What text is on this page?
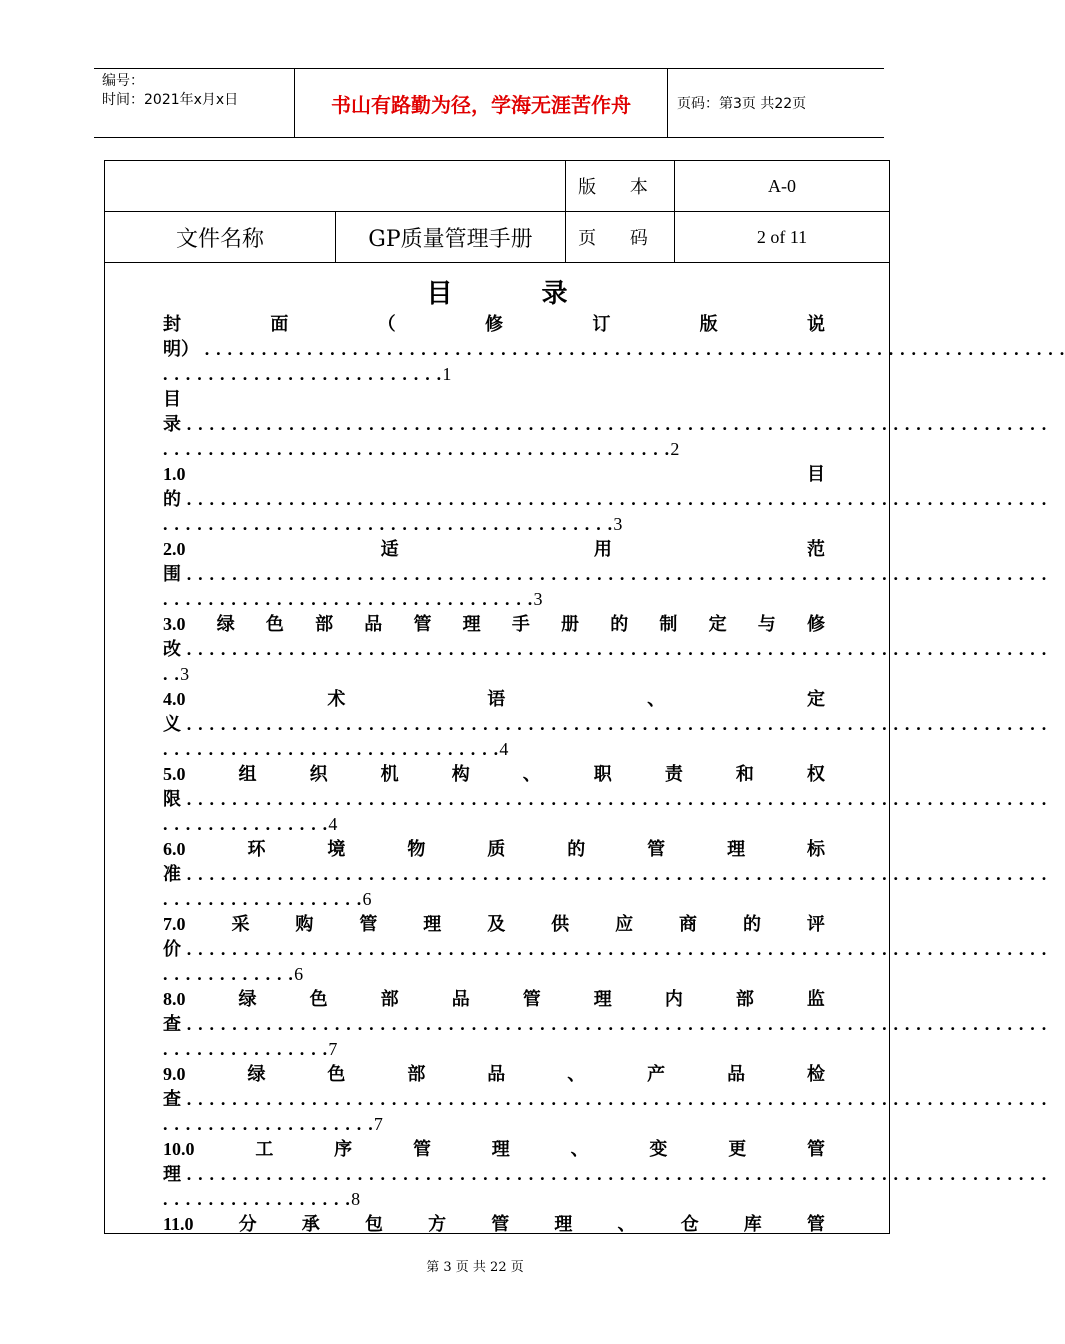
编号：
时间：2021年x月x日	书山有路勤为径，学海无涯苦作舟	页码：第3页 共22页
版 本	A-0
文件名称	GP质量管理手册	页 码	2 of 11
目 录
封	面	（	修	订	版	说
明） . . . . . . . . . . . . . . . . . . . . . . . . . . . . . . . . . . . . . . . . . . . . . . . . . . . . . . . . . . . . . . . . . . . . . . . . . . . .
. . . . . . . . . . . . . . . . . . . . . . . . .1
目
录 . . . . . . . . . . . . . . . . . . . . . . . . . . . . . . . . . . . . . . . . . . . . . . . . . . . . . . . . . . . . . . . . . . . . . . . . . . . .
. . . . . . . . . . . . . . . . . . . . . . . . . . . . . . . . . . . . . . . . . . . . .2
1.0	目
的 . . . . . . . . . . . . . . . . . . . . . . . . . . . . . . . . . . . . . . . . . . . . . . . . . . . . . . . . . . . . . . . . . . . . . . . . . . . .
. . . . . . . . . . . . . . . . . . . . . . . . . . . . . . . . . . . . . . . .3
2.0	适	用	范
围 . . . . . . . . . . . . . . . . . . . . . . . . . . . . . . . . . . . . . . . . . . . . . . . . . . . . . . . . . . . . . . . . . . . . . . . . . . . .
. . . . . . . . . . . . . . . . . . . . . . . . . . . . . . . . .3
3.0 绿 色 部 品 管 理 手 册 的 制 定 与 修
改 . . . . . . . . . . . . . . . . . . . . . . . . . . . . . . . . . . . . . . . . . . . . . . . . . . . . . . . . . . . . . . . . . . . . . . . . . . . .
. .3
4.0	术	语	、	定
义 . . . . . . . . . . . . . . . . . . . . . . . . . . . . . . . . . . . . . . . . . . . . . . . . . . . . . . . . . . . . . . . . . . . . . . . . . . . .
. . . . . . . . . . . . . . . . . . . . . . . . . . . . . .4
5.0	组	织	机	构	、	职	责	和	权
限 . . . . . . . . . . . . . . . . . . . . . . . . . . . . . . . . . . . . . . . . . . . . . . . . . . . . . . . . . . . . . . . . . . . . . . . . . . . .
. . . . . . . . . . . . . . .4
6.0	环	境	物	质	的	管	理	标
准 . . . . . . . . . . . . . . . . . . . . . . . . . . . . . . . . . . . . . . . . . . . . . . . . . . . . . . . . . . . . . . . . . . . . . . . . . . . .
. . . . . . . . . . . . . . . . . .6
7.0	采	购	管	理	及	供	应	商	的	评
价 . . . . . . . . . . . . . . . . . . . . . . . . . . . . . . . . . . . . . . . . . . . . . . . . . . . . . . . . . . . . . . . . . . . . . . . . . . . .
. . . . . . . . . . . .6
8.0	绿	色	部	品	管	理	内	部	监
查 . . . . . . . . . . . . . . . . . . . . . . . . . . . . . . . . . . . . . . . . . . . . . . . . . . . . . . . . . . . . . . . . . . . . . . . . . . . .
. . . . . . . . . . . . . . .7
9.0	绿	色	部	品	、	产	品	检
查 . . . . . . . . . . . . . . . . . . . . . . . . . . . . . . . . . . . . . . . . . . . . . . . . . . . . . . . . . . . . . . . . . . . . . . . . . . . .
. . . . . . . . . . . . . . . . . . .7
10.0	工	序	管	理	、	变	更	管
理 . . . . . . . . . . . . . . . . . . . . . . . . . . . . . . . . . . . . . . . . . . . . . . . . . . . . . . . . . . . . . . . . . . . . . . . . . . . .
. . . . . . . . . . . . . . . . .8
11.0	分	承	包	方	管	理	、	仓	库	管
第 3 页 共 22 页
